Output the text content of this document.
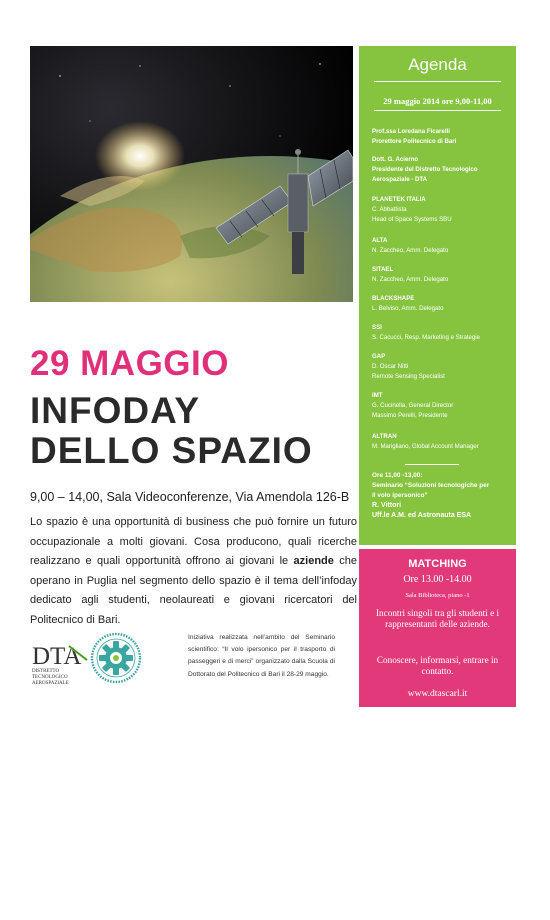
29 MAGGIO
INFODAY
DELLO SPAZIO
9,00 – 14,00, Sala Videoconferenze, Via Amendola 126-B
Lo spazio è una opportunità di business che può fornire un futuro occupazionale a molti giovani. Cosa producono, quali ricerche realizzano e quali opportunità offrono ai giovani le aziende che operano in Puglia nel segmento dello spazio è il tema dell’infoday dedicato agli studenti, neolaureati e giovani ricercatori del Politecnico di Bari.
DTA
DISTRETTO
TECNOLOGICO
AEROSPAZIALE
Iniziativa realizzata nell’ambito del Seminario scientifico: “Il volo ipersonico per il trasporto di passeggeri e di merci” organizzato dalla Scuola di Dottorato del Politecnico di Bari il 28-29 maggio.
Agenda
29 maggio 2014 ore 9,00-11,00
Prof.ssa Loredana Ficarelli
Prorettore Politecnico di Bari
Dott. G. Acierno
Presidente del Distretto Tecnologico
Aerospaziale - DTA
PLANETEK ITALIA
C. Abbattista
Head of Space Systems SBU
ALTA
N. Zaccheo, Amm. Delegato
SITAEL
N. Zaccheo, Amm. Delegato
BLACKSHAPE
L. Belviso, Amm. Delegato
SSI
S. Cacucci, Resp. Marketing e Strategie
GAP
D. Oscar Nitti
Remote Sensing Specialist
IMT
G. Cucinella, General Director
Massimo Perelli, Presidente
ALTRAN
M. Marigliano, Global Account Manager
Ore 11,00 -13,00:
Seminario “Soluzioni tecnologiche per
il volo ipersonico”
R. Vittori
Uff.le A.M. ed Astronauta ESA
MATCHING
Ore 13.00 -14.00
Sala Biblioteca, piano -1
Incontri singoli tra gli studenti e i rappresentanti delle aziende.
Conoscere, informarsi, entrare in contatto.
www.dtascarl.it
